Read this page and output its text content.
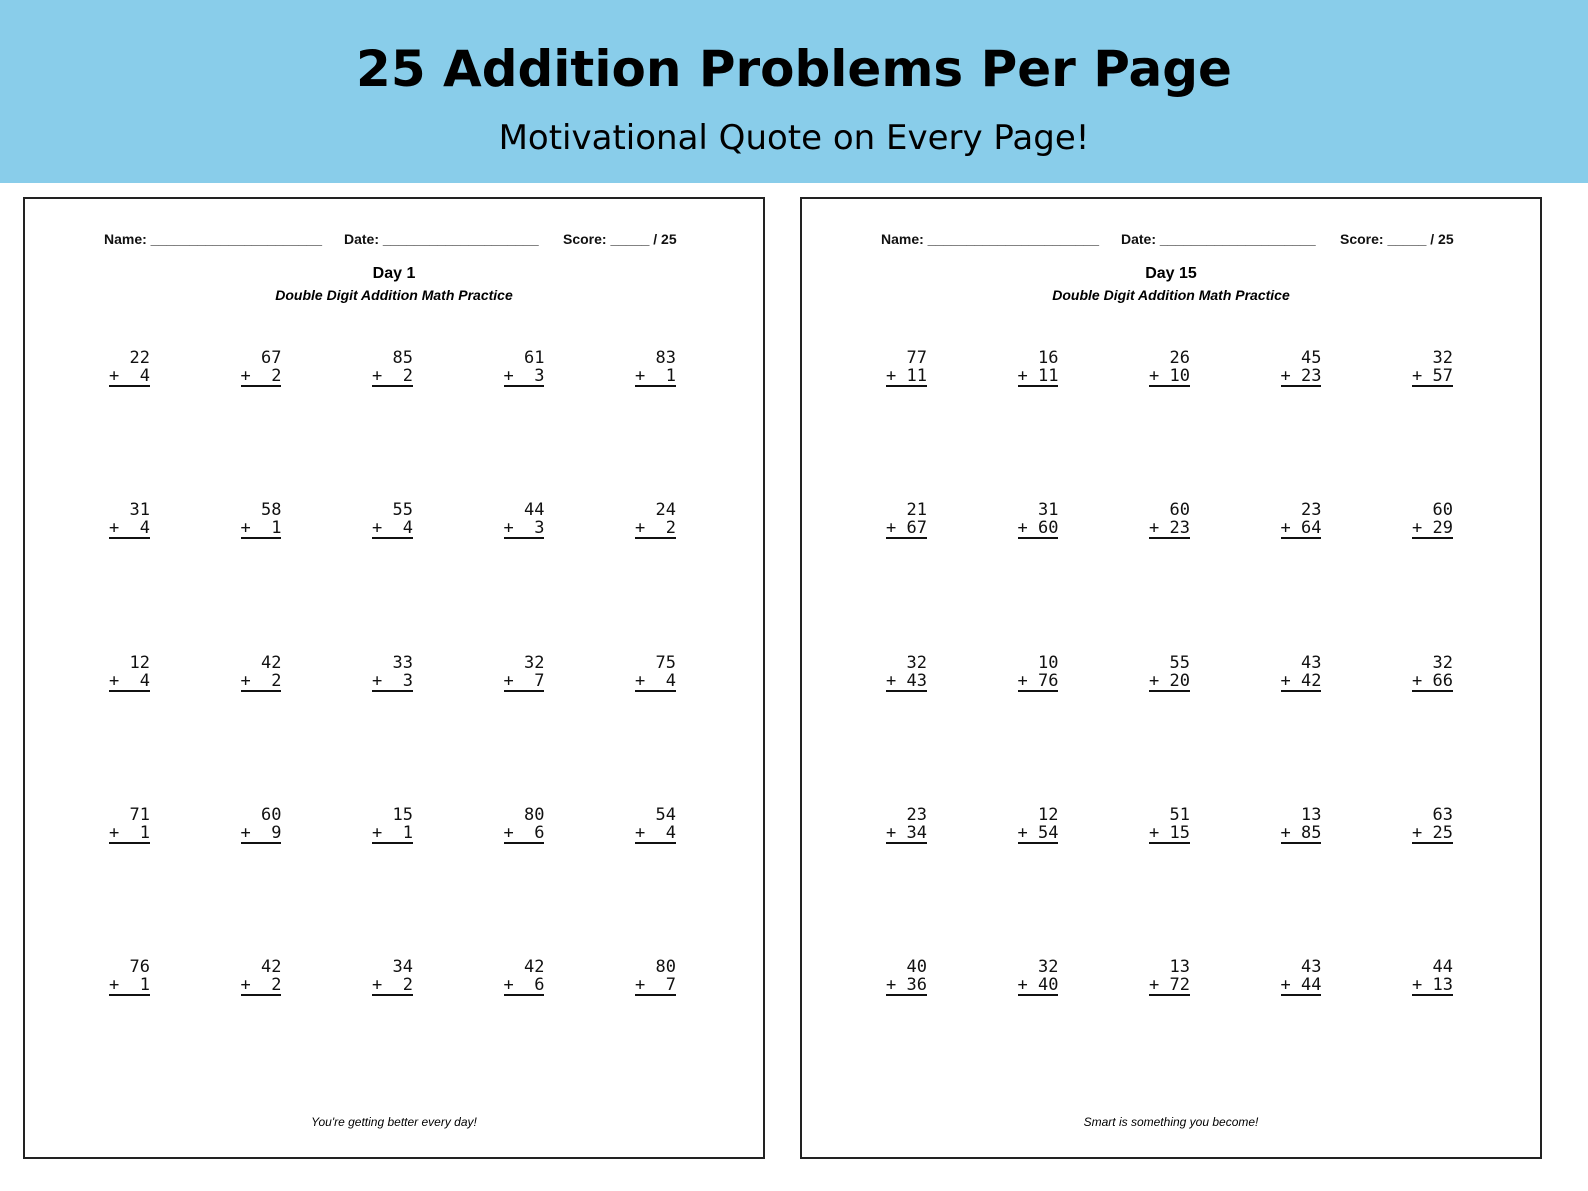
25 Addition Problems Per Page
Motivational Quote on Every Page!
Name: ______________________ Date: ____________________ Score: _____ / 25
Day 1
Double Digit Addition Math Practice
22
+  4
67
+  2
85
+  2
61
+  3
83
+  1
31
+  4
58
+  1
55
+  4
44
+  3
24
+  2
12
+  4
42
+  2
33
+  3
32
+  7
75
+  4
71
+  1
60
+  9
15
+  1
80
+  6
54
+  4
76
+  1
42
+  2
34
+  2
42
+  6
80
+  7
You're getting better every day!
Name: ______________________ Date: ____________________ Score: _____ / 25
Day 15
Double Digit Addition Math Practice
77
+ 11
16
+ 11
26
+ 10
45
+ 23
32
+ 57
21
+ 67
31
+ 60
60
+ 23
23
+ 64
60
+ 29
32
+ 43
10
+ 76
55
+ 20
43
+ 42
32
+ 66
23
+ 34
12
+ 54
51
+ 15
13
+ 85
63
+ 25
40
+ 36
32
+ 40
13
+ 72
43
+ 44
44
+ 13
Smart is something you become!
